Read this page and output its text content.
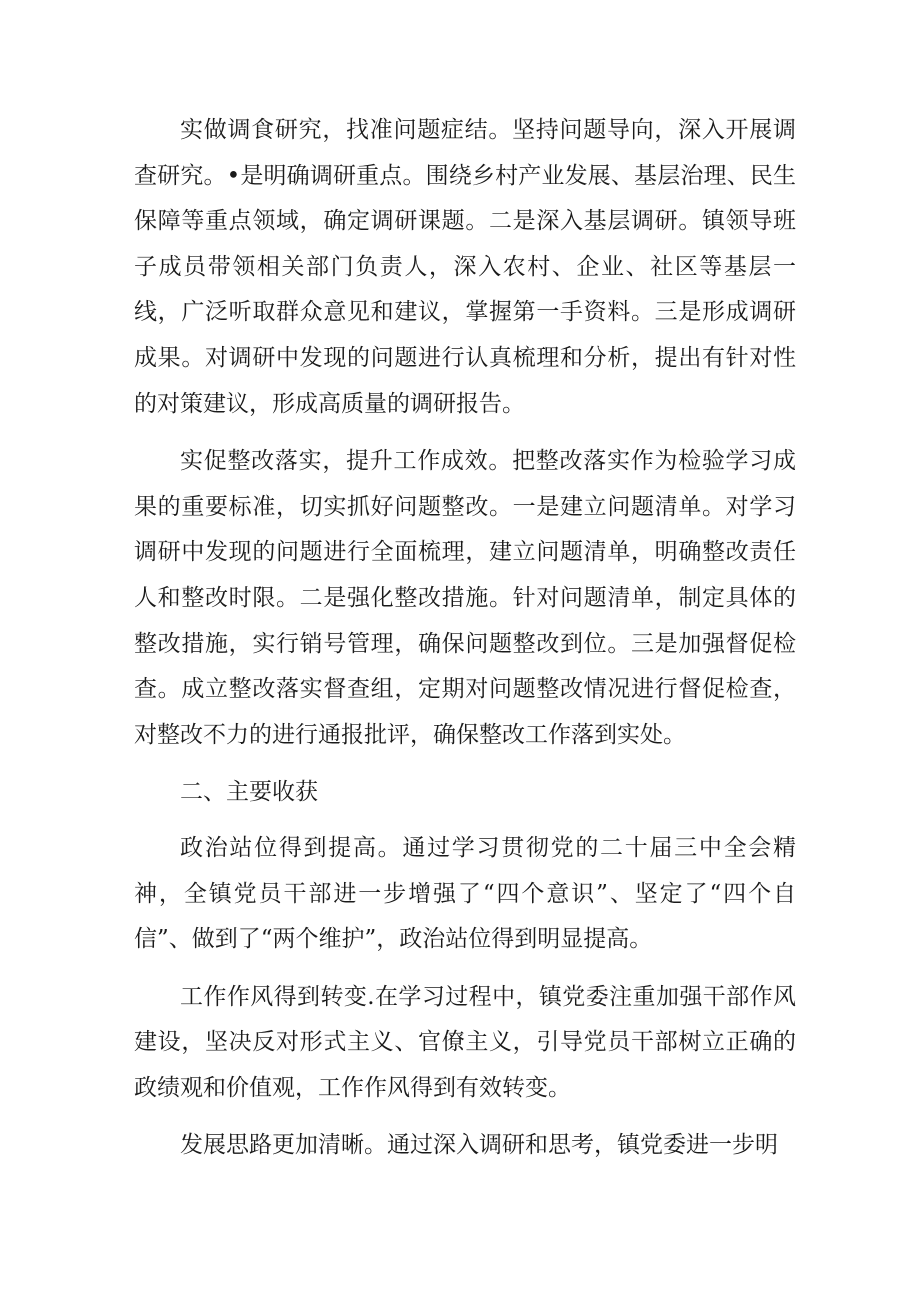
实做调食研究，找准问题症结。坚持问题导向，深入开展调查研究。•是明确调研重点。围绕乡村产业发展、基层治理、民生保障等重点领域，确定调研课题。二是深入基层调研。镇领导班子成员带领相关部门负责人，深入农村、企业、社区等基层一线，广泛听取群众意见和建议，掌握第一手资料。三是形成调研成果。对调研中发现的问题进行认真梳理和分析，提出有针对性的对策建议，形成高质量的调研报告。

实促整改落实，提升工作成效。把整改落实作为检验学习成果的重要标准，切实抓好问题整改。一是建立问题清单。对学习调研中发现的问题进行全面梳理，建立问题清单，明确整改责任人和整改时限。二是强化整改措施。针对问题清单，制定具体的整改措施，实行销号管理，确保问题整改到位。三是加强督促检查。成立整改落实督查组，定期对问题整改情况进行督促检查，对整改不力的进行通报批评，确保整改工作落到实处。

二、主要收获

政治站位得到提高。通过学习贯彻党的二十届三中全会精神，全镇党员干部进一步增强了“四个意识”、坚定了“四个自信”、做到了“两个维护”，政治站位得到明显提高。

工作作风得到转变.在学习过程中，镇党委注重加强干部作风建设，坚决反对形式主义、官僚主义，引导党员干部树立正确的政绩观和价值观，工作作风得到有效转变。

发展思路更加清晰。通过深入调研和思考，镇党委进一步明
